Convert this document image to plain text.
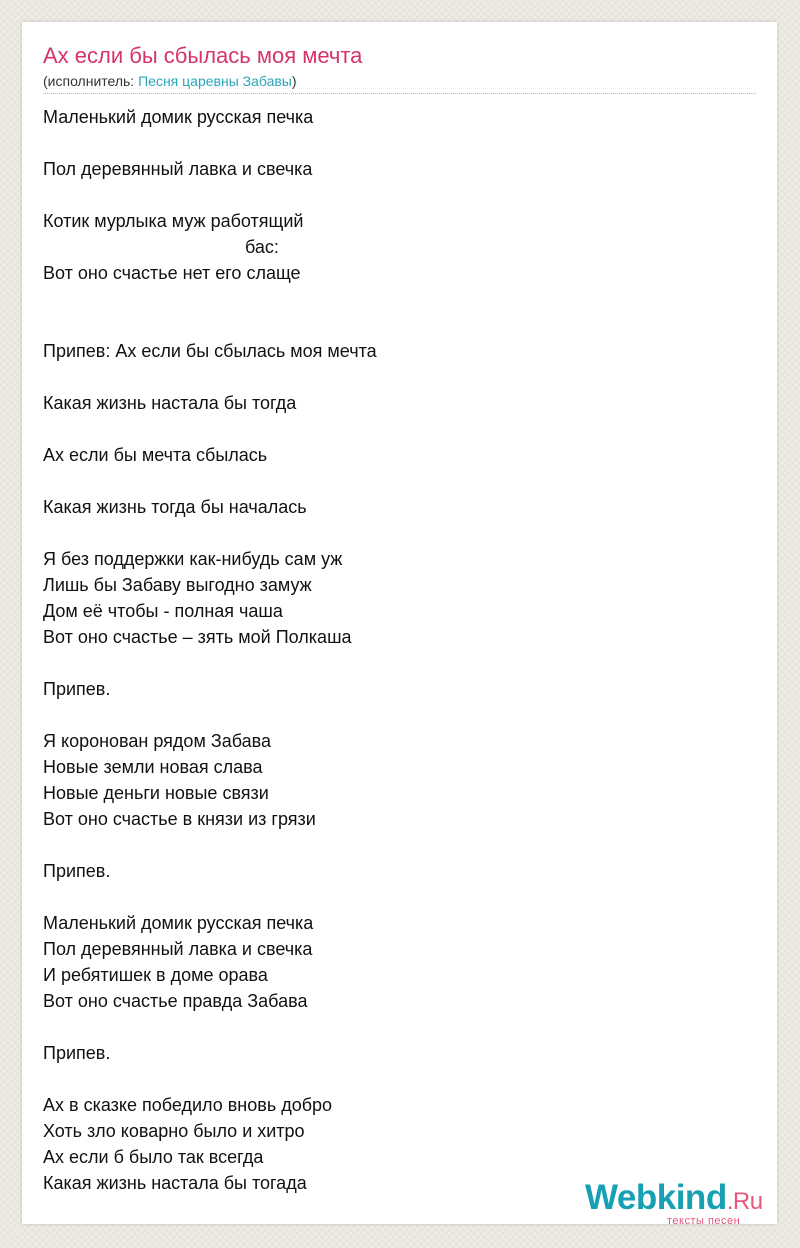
Ах если бы сбылась моя мечта
(исполнитель: Песня царевны Забавы)
Маленький домик русская печка
Пол деревянный лавка и свечка
Котик мурлыка муж работящий
бас:
Вот оно счастье нет его слаще
Припев: Ах если бы сбылась моя мечта
Какая жизнь настала бы тогда
Ах если бы мечта сбылась
Какая жизнь тогда бы началась
Я без поддержки как-нибудь сам уж
Лишь бы Забаву выгодно замуж
Дом её чтобы - полная чаша
Вот оно счастье – зять мой Полкаша
Припев.
Я коронован рядом Забава
Новые земли новая слава
Новые деньги новые связи
Вот оно счастье в князи из грязи
Припев.
Маленький домик русская печка
Пол деревянный лавка и свечка
И ребятишек в доме орава
Вот оно счастье правда Забава
Припев.
Ах в сказке победило вновь добро
Хоть зло коварно было и хитро
Ах если б было так всегда
Какая жизнь настала бы тогада	Webkind.Ru
тексты песен
